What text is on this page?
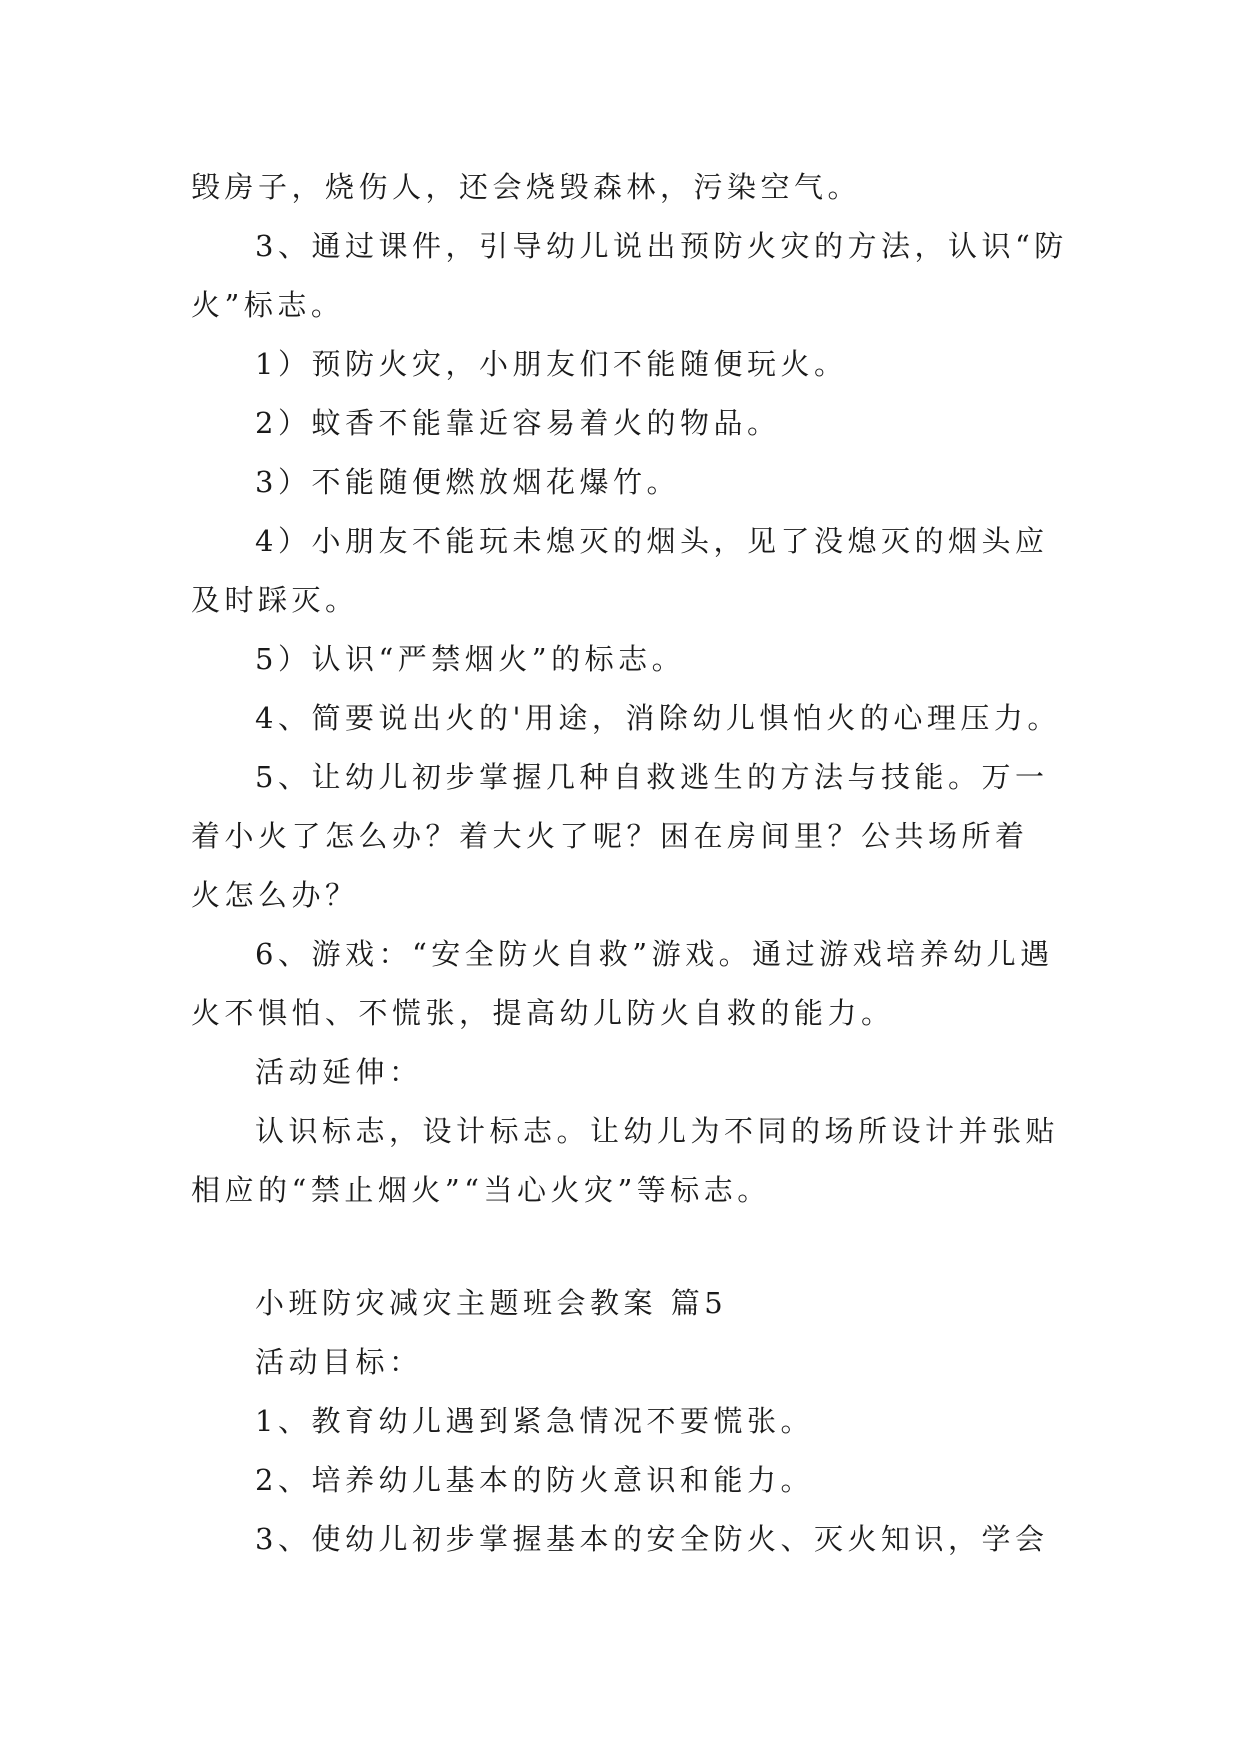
毁房子，烧伤人，还会烧毁森林，污染空气。
3、通过课件，引导幼儿说出预防火灾的方法，认识“防
火”标志。
1）预防火灾，小朋友们不能随便玩火。
2）蚊香不能靠近容易着火的物品。
3）不能随便燃放烟花爆竹。
4）小朋友不能玩未熄灭的烟头，见了没熄灭的烟头应
及时踩灭。
5）认识“严禁烟火”的标志。
4、简要说出火的'用途，消除幼儿惧怕火的心理压力。
5、让幼儿初步掌握几种自救逃生的方法与技能。万一
着小火了怎么办？着大火了呢？困在房间里？公共场所着
火怎么办？
6、游戏：“安全防火自救”游戏。通过游戏培养幼儿遇
火不惧怕、不慌张，提高幼儿防火自救的能力。
活动延伸：
认识标志，设计标志。让幼儿为不同的场所设计并张贴
相应的“禁止烟火”“当心火灾”等标志。
小班防灾减灾主题班会教案 篇5
活动目标：
1、教育幼儿遇到紧急情况不要慌张。
2、培养幼儿基本的防火意识和能力。
3、使幼儿初步掌握基本的安全防火、灭火知识，学会
